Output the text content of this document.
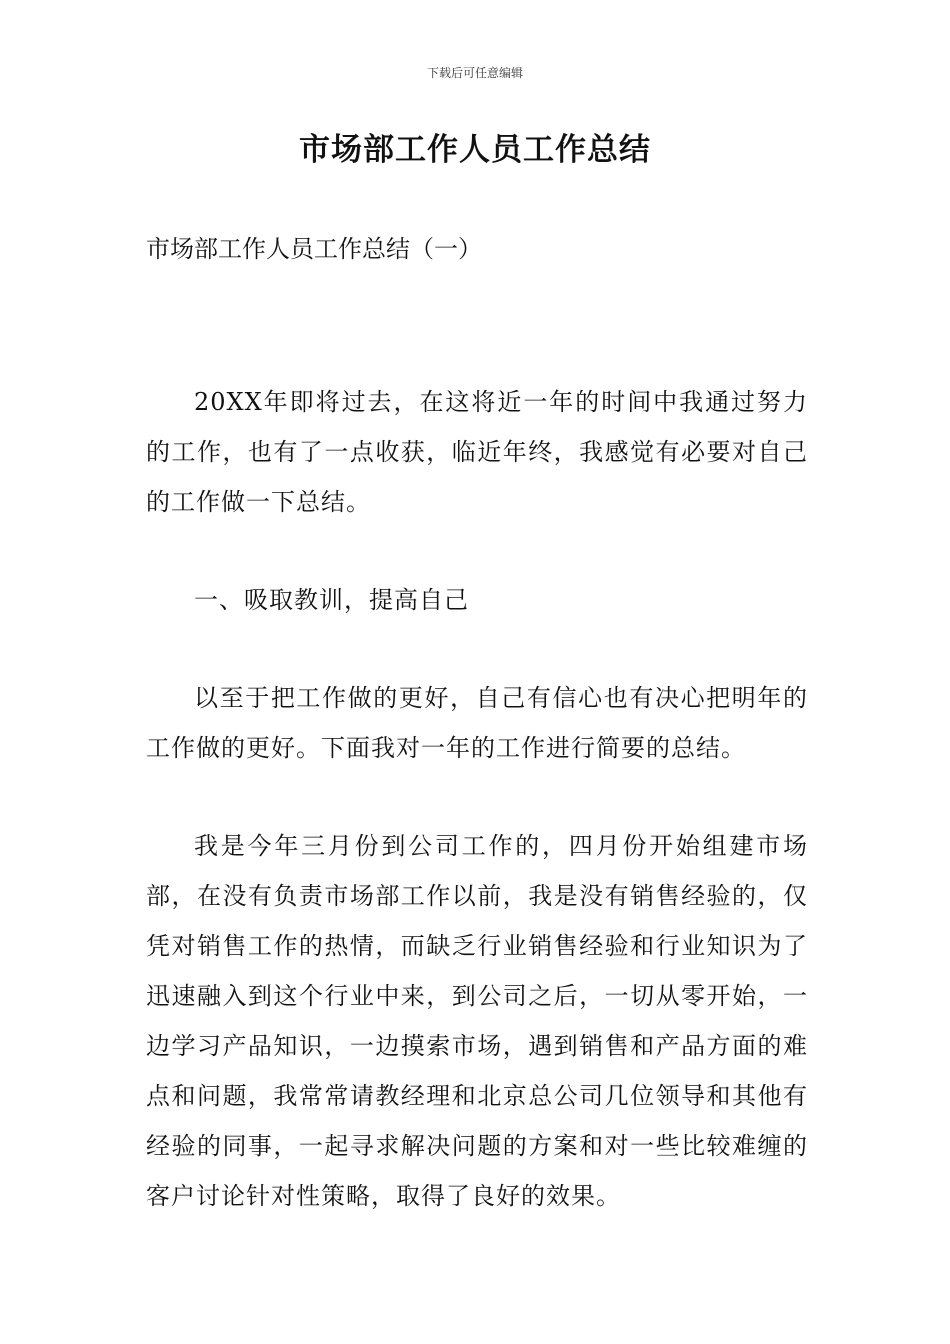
下载后可任意编辑
市场部工作人员工作总结
市场部工作人员工作总结（一）

20XX年即将过去，在这将近一年的时间中我通过努力的工作，也有了一点收获，临近年终，我感觉有必要对自己的工作做一下总结。

一、吸取教训，提高自己

以至于把工作做的更好，自己有信心也有决心把明年的工作做的更好。下面我对一年的工作进行简要的总结。

我是今年三月份到公司工作的，四月份开始组建市场部，在没有负责市场部工作以前，我是没有销售经验的，仅凭对销售工作的热情，而缺乏行业销售经验和行业知识为了迅速融入到这个行业中来，到公司之后，一切从零开始，一边学习产品知识，一边摸索市场，遇到销售和产品方面的难点和问题，我常常请教经理和北京总公司几位领导和其他有经验的同事，一起寻求解决问题的方案和对一些比较难缠的客户讨论针对性策略，取得了良好的效果。
